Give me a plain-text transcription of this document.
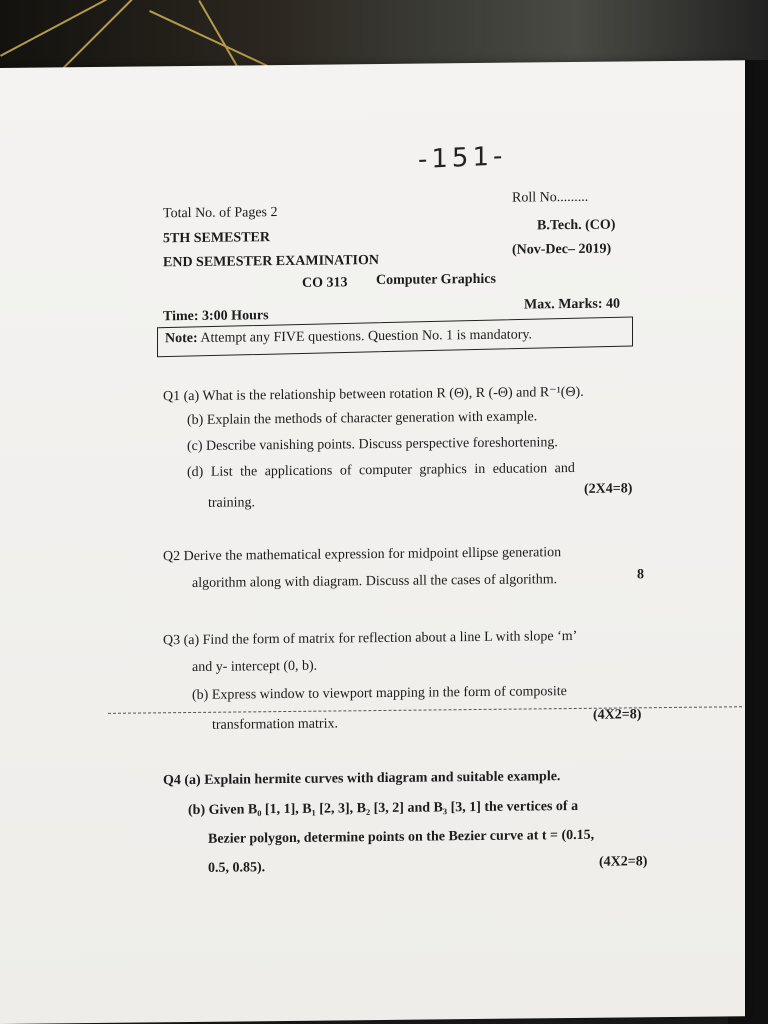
-151-
Total No. of Pages 2
Roll No.........
5TH SEMESTER
B.Tech. (CO)
END SEMESTER EXAMINATION
(Nov-Dec– 2019)
CO 313 Computer Graphics
Time: 3:00 Hours
Max. Marks: 40
Note: Attempt any FIVE questions. Question No. 1 is mandatory.
Q1 (a) What is the relationship between rotation R (Θ), R (-Θ) and R⁻¹(Θ).
(b) Explain the methods of character generation with example.
(c) Describe vanishing points. Discuss perspective foreshortening.
(d) List the applications of computer graphics in education and
training.
(2X4=8)
Q2 Derive the mathematical expression for midpoint ellipse generation
algorithm along with diagram. Discuss all the cases of algorithm.	8
Q3 (a) Find the form of matrix for reflection about a line L with slope ‘m’
and y- intercept (0, b).
(b) Express window to viewport mapping in the form of composite
transformation matrix.
(4X2=8)
Q4 (a) Explain hermite curves with diagram and suitable example.
(b) Given B₀ [1, 1], B₁ [2, 3], B₂ [3, 2] and B₃ [3, 1] the vertices of a
Bezier polygon, determine points on the Bezier curve at t = (0.15,
0.5, 0.85).	(4X2=8)
